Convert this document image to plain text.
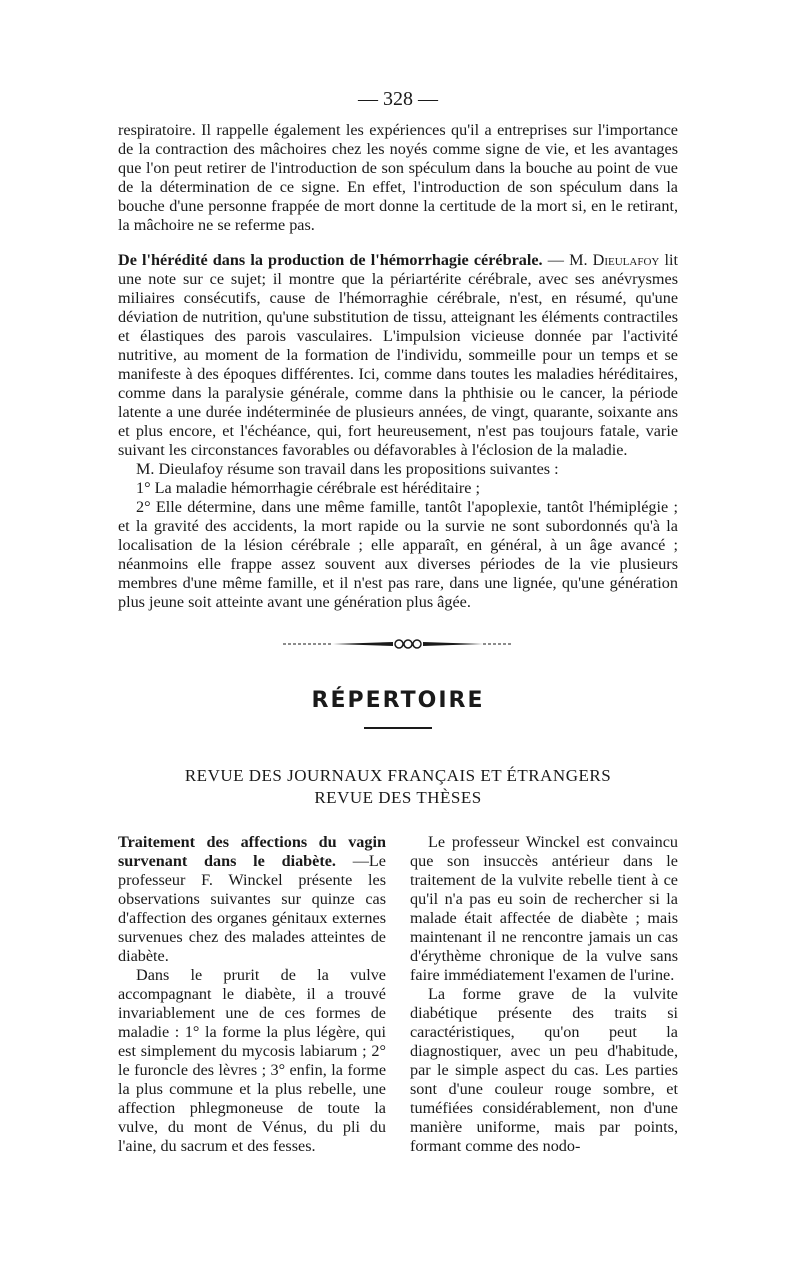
— 328 —

respiratoire. Il rappelle également les expériences qu'il a entreprises sur l'importance de la contraction des mâchoires chez les noyés comme signe de vie, et les avantages que l'on peut retirer de l'introduction de son spéculum dans la bouche au point de vue de la détermination de ce signe. En effet, l'introduction de son spéculum dans la bouche d'une personne frappée de mort donne la certitude de la mort si, en le retirant, la mâchoire ne se referme pas.

De l'hérédité dans la production de l'hémorrhagie cérébrale. — M. Dieulafoy lit une note sur ce sujet; il montre que la périartérite cérébrale, avec ses anévrysmes miliaires consécutifs, cause de l'hémorraghie cérébrale, n'est, en résumé, qu'une déviation de nutrition, qu'une substitution de tissu, atteignant les éléments contractiles et élastiques des parois vasculaires. L'impulsion vicieuse donnée par l'activité nutritive, au moment de la formation de l'individu, sommeille pour un temps et se manifeste à des époques différentes. Ici, comme dans toutes les maladies héréditaires, comme dans la paralysie générale, comme dans la phthisie ou le cancer, la période latente a une durée indéterminée de plusieurs années, de vingt, quarante, soixante ans et plus encore, et l'échéance, qui, fort heureusement, n'est pas toujours fatale, varie suivant les circonstances favorables ou défavorables à l'éclosion de la maladie.

M. Dieulafoy résume son travail dans les propositions suivantes :

1° La maladie hémorrhagie cérébrale est héréditaire ;

2° Elle détermine, dans une même famille, tantôt l'apoplexie, tantôt l'hémiplégie ; et la gravité des accidents, la mort rapide ou la survie ne sont subordonnés qu'à la localisation de la lésion cérébrale ; elle apparaît, en général, à un âge avancé ; néanmoins elle frappe assez souvent aux diverses périodes de la vie plusieurs membres d'une même famille, et il n'est pas rare, dans une lignée, qu'une génération plus jeune soit atteinte avant une génération plus âgée.

RÉPERTOIRE
REVUE DES JOURNAUX FRANÇAIS ET ÉTRANGERS
REVUE DES THÈSES

Traitement des affections du vagin survenant dans le diabète. —Le professeur F. Winckel présente les observations suivantes sur quinze cas d'affection des organes génitaux externes survenues chez des malades atteintes de diabète.

Dans le prurit de la vulve accompagnant le diabète, il a trouvé invariablement une de ces formes de maladie : 1° la forme la plus légère, qui est simplement du mycosis labiarum ; 2° le furoncle des lèvres ; 3° enfin, la forme la plus commune et la plus rebelle, une affection phlegmoneuse de toute la vulve, du mont de Vénus, du pli du l'aine, du sacrum et des fesses.

Le professeur Winckel est convaincu que son insuccès antérieur dans le traitement de la vulvite rebelle tient à ce qu'il n'a pas eu soin de rechercher si la malade était affectée de diabète ; mais maintenant il ne rencontre jamais un cas d'érythème chronique de la vulve sans faire immédiatement l'examen de l'urine.

La forme grave de la vulvite diabétique présente des traits si caractéristiques, qu'on peut la diagnostiquer, avec un peu d'habitude, par le simple aspect du cas. Les parties sont d'une couleur rouge sombre, et tuméfiées considérablement, non d'une manière uniforme, mais par points, formant comme des nodo-
